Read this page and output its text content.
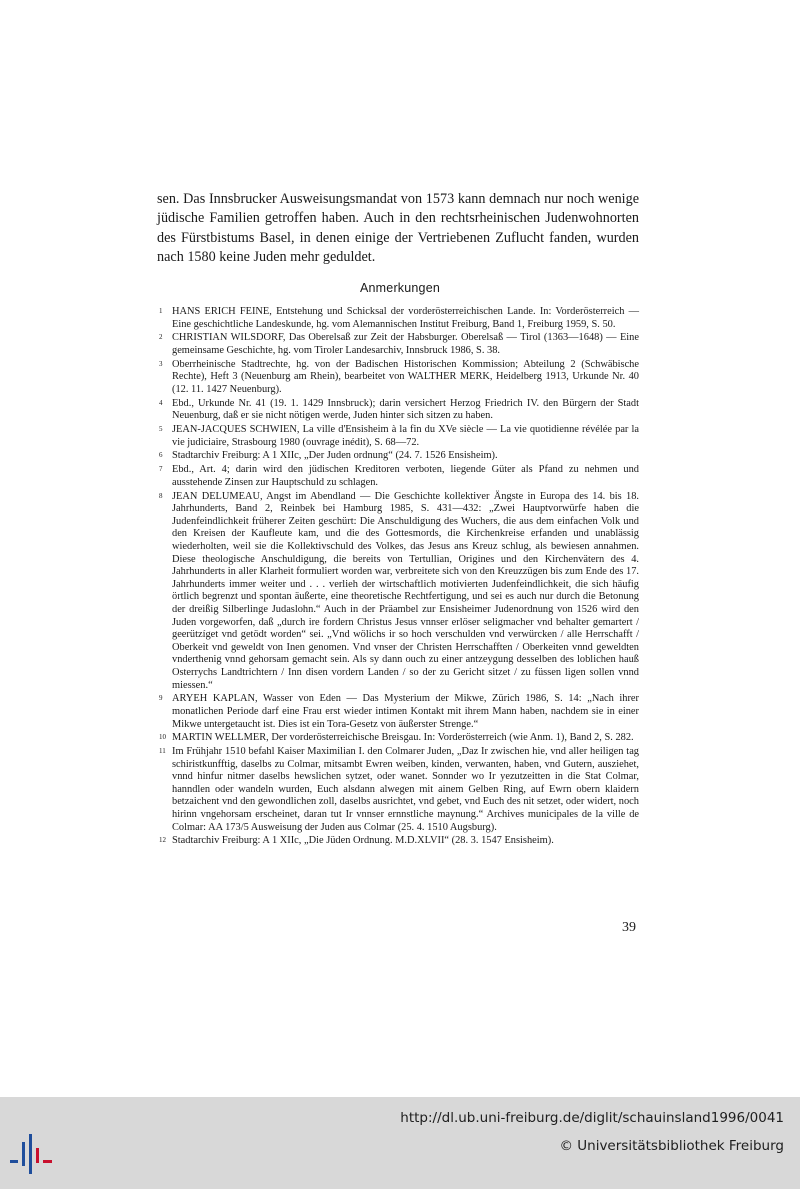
sen. Das Innsbrucker Ausweisungsmandat von 1573 kann demnach nur noch wenige jüdische Familien getroffen haben. Auch in den rechtsrheinischen Judenwohnorten des Fürstbistums Basel, in denen einige der Vertriebenen Zuflucht fanden, wurden nach 1580 keine Juden mehr geduldet.

Anmerkungen
1 HANS ERICH FEINE, Entstehung und Schicksal der vorderösterreichischen Lande. In: Vorderösterreich — Eine geschichtliche Landeskunde, hg. vom Alemannischen Institut Freiburg, Band 1, Freiburg 1959, S. 50.
2 CHRISTIAN WILSDORF, Das Oberelsaß zur Zeit der Habsburger. Oberelsaß — Tirol (1363—1648) — Eine gemeinsame Geschichte, hg. vom Tiroler Landesarchiv, Innsbruck 1986, S. 38.
3 Oberrheinische Stadtrechte, hg. von der Badischen Historischen Kommission; Abteilung 2 (Schwäbische Rechte), Heft 3 (Neuenburg am Rhein), bearbeitet von WALTHER MERK, Heidelberg 1913, Urkunde Nr. 40 (12. 11. 1427 Neuenburg).
4 Ebd., Urkunde Nr. 41 (19. 1. 1429 Innsbruck); darin versichert Herzog Friedrich IV. den Bürgern der Stadt Neuenburg, daß er sie nicht nötigen werde, Juden hinter sich sitzen zu haben.
5 JEAN-JACQUES SCHWIEN, La ville d'Ensisheim à la fin du XVe siècle — La vie quotidienne révélée par la vie judiciaire, Strasbourg 1980 (ouvrage inédit), S. 68—72.
6 Stadtarchiv Freiburg: A 1 XIIc, „Der Juden ordnung“ (24. 7. 1526 Ensisheim).
7 Ebd., Art. 4; darin wird den jüdischen Kreditoren verboten, liegende Güter als Pfand zu nehmen und ausstehende Zinsen zur Hauptschuld zu schlagen.
8 JEAN DELUMEAU, Angst im Abendland — Die Geschichte kollektiver Ängste in Europa des 14. bis 18. Jahrhunderts, Band 2, Reinbek bei Hamburg 1985, S. 431—432: „Zwei Hauptvorwürfe haben die Judenfeindlichkeit früherer Zeiten geschürt: Die Anschuldigung des Wuchers, die aus dem einfachen Volk und den Kreisen der Kaufleute kam, und die des Gottesmords, die Kirchenkreise erfanden und unablässig wiederholten, weil sie die Kollektivschuld des Volkes, das Jesus ans Kreuz schlug, als bewiesen annahmen. Diese theologische Anschuldigung, die bereits von Tertullian, Origines und den Kirchenvätern des 4. Jahrhunderts in aller Klarheit formuliert worden war, verbreitete sich von den Kreuzzügen bis zum Ende des 17. Jahrhunderts immer weiter und . . . verlieh der wirtschaftlich motivierten Judenfeindlichkeit, die sich häufig örtlich begrenzt und spontan äußerte, eine theoretische Rechtfertigung, und sei es auch nur durch die Betonung der dreißig Silberlinge Judaslohn.“ Auch in der Präambel zur Ensisheimer Judenordnung von 1526 wird den Juden vorgeworfen, daß „durch ire fordern Christus Jesus vnnser erlöser seligmacher vnd behalter gemartert / geerützíget vnd getödt worden“ sei. „Vnd wölichs ir so hoch verschulden vnd verwürcken / alle Herrschafft / Oberkeit vnd geweldt von Inen genomen. Vnd vnser der Christen Herrschafften / Oberkeiten vnnd geweldten vnderthenig vnnd gehorsam gemacht sein. Als sy dann ouch zu einer antzeygung desselben des loblichen hauß Osterrychs Landtrichtern / Inn disen vordern Landen / so der zu Gericht sitzet / zu füssen ligen sollen vnnd miessen.“
9 ARYEH KAPLAN, Wasser von Eden — Das Mysterium der Mikwe, Zürich 1986, S. 14: „Nach ihrer monatlichen Periode darf eine Frau erst wieder intimen Kontakt mit ihrem Mann haben, nachdem sie in einer Mikwe untergetaucht ist. Dies ist ein Tora-Gesetz von äußerster Strenge.“
10 MARTIN WELLMER, Der vorderösterreichische Breisgau. In: Vorderösterreich (wie Anm. 1), Band 2, S. 282.
11 Im Frühjahr 1510 befahl Kaiser Maximilian I. den Colmarer Juden, „Daz Ir zwischen hie, vnd aller heiligen tag schiristkunfftig, daselbs zu Colmar, mitsambt Ewren weiben, kinden, verwanten, haben, vnd Gutern, ausziehet, vnnd hinfur nitmer daselbs hewslichen sytzet, oder wanet. Sonnder wo Ir yezutzeitten in die Stat Colmar, hanndlen oder wandeln wurden, Euch alsdann alwegen mit ainem Gelben Ring, auf Ewrn obern klaidern betzaichent vnd den gewondlichen zoll, daselbs ausrichtet, vnd gebet, vnd Euch des nit setzet, oder widert, noch hirinn vngehorsam erscheinet, daran tut Ir vnnser ernnstliche maynung.“ Archives municipales de la ville de Colmar: AA 173/5 Ausweisung der Juden aus Colmar (25. 4. 1510 Augsburg).
12 Stadtarchiv Freiburg: A 1 XIIc, „Die Jüden Ordnung. M.D.XLVII“ (28. 3. 1547 Ensisheim).
39
http://dl.ub.uni-freiburg.de/diglit/schauinsland1996/0041
© Universitätsbibliothek Freiburg
